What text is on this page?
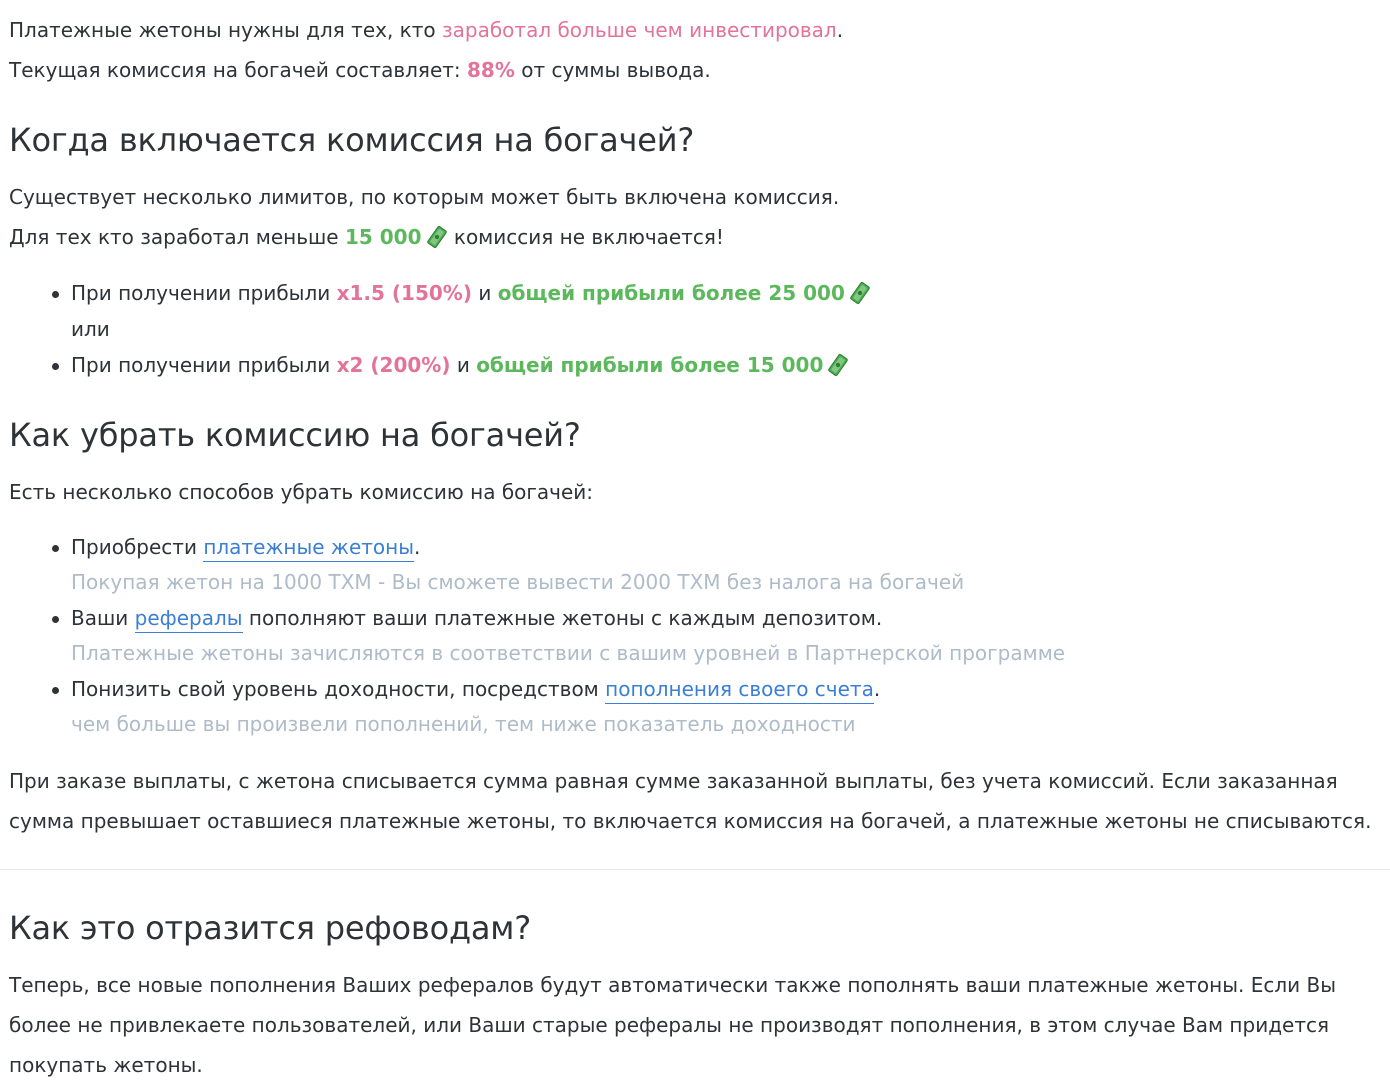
Платежные жетоны нужны для тех, кто заработал больше чем инвестировал.

Текущая комиссия на богачей составляет: 88% от суммы вывода.

Когда включается комиссия на богачей?

Существует несколько лимитов, по которым может быть включена комиссия.

Для тех кто заработал меньше 15 000 комиссия не включается!

При получении прибыли x1.5 (150%) и общей прибыли более 25 000
или
При получении прибыли x2 (200%) и общей прибыли более 15 000
Как убрать комиссию на богачей?

Есть несколько способов убрать комиссию на богачей:

Приобрести платежные жетоны.
Покупая жетон на 1000 TXM - Вы сможете вывести 2000 TXM без налога на богачей
Ваши рефералы пополняют ваши платежные жетоны с каждым депозитом.
Платежные жетоны зачисляются в соответствии с вашим уровней в Партнерской программе
Понизить свой уровень доходности, посредством пополнения своего счета.
чем больше вы произвели пополнений, тем ниже показатель доходности

При заказе выплаты, с жетона списывается сумма равная сумме заказанной выплаты, без учета комиссий. Если заказанная сумма превышает оставшиеся платежные жетоны, то включается комиссия на богачей, а платежные жетоны не списываются.

Как это отразится рефоводам?

Теперь, все новые пополнения Ваших рефералов будут автоматически также пополнять ваши платежные жетоны. Если Вы более не привлекаете пользователей, или Ваши старые рефералы не производят пополнения, в этом случае Вам придется покупать жетоны.
